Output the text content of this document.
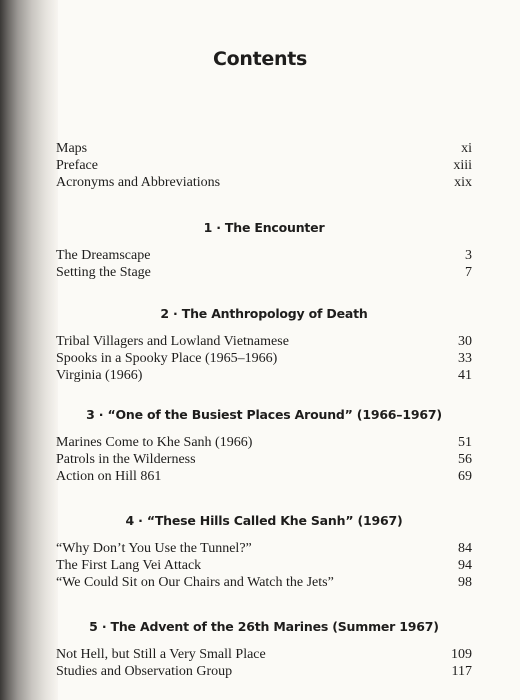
Contents
Maps	xi
Preface	xiii
Acronyms and Abbreviations	xix
1 · The Encounter
The Dreamscape	3
Setting the Stage	7
2 · The Anthropology of Death
Tribal Villagers and Lowland Vietnamese	30
Spooks in a Spooky Place (1965–1966)	33
Virginia (1966)	41
3 · “One of the Busiest Places Around” (1966–1967)
Marines Come to Khe Sanh (1966)	51
Patrols in the Wilderness	56
Action on Hill 861	69
4 · “These Hills Called Khe Sanh” (1967)
“Why Don’t You Use the Tunnel?”	84
The First Lang Vei Attack	94
“We Could Sit on Our Chairs and Watch the Jets”	98
5 · The Advent of the 26th Marines (Summer 1967)
Not Hell, but Still a Very Small Place	109
Studies and Observation Group	117
